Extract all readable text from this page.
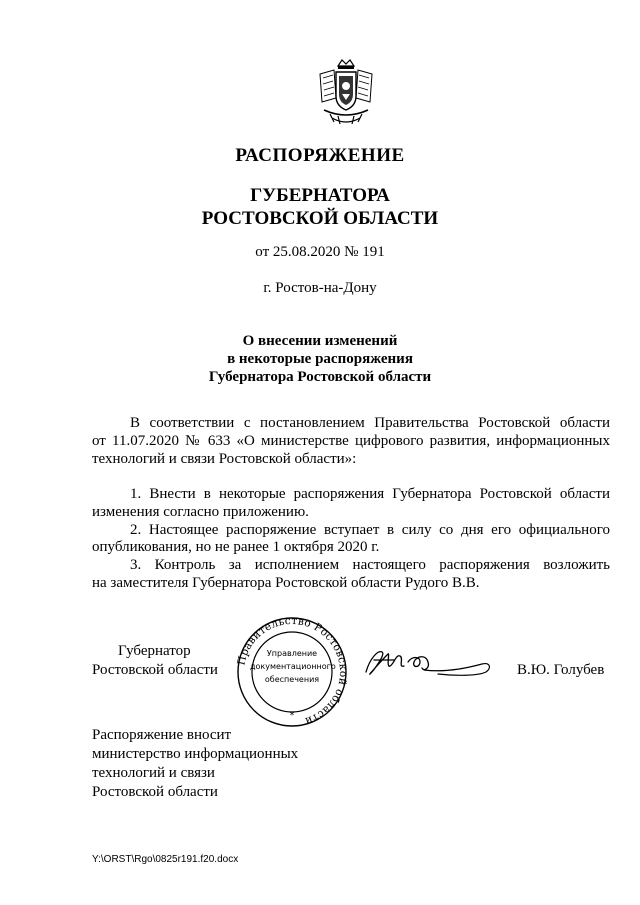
РАСПОРЯЖЕНИЕ
ГУБЕРНАТОРА
РОСТОВСКОЙ ОБЛАСТИ
от 25.08.2020 № 191
г. Ростов-на-Дону
О внесении изменений
в некоторые распоряжения
Губернатора Ростовской области
В соответствии с постановлением Правительства Ростовской области
от 11.07.2020 № 633 «О министерстве цифрового развития, информационных
технологий и связи Ростовской области»:
1. Внести в некоторые распоряжения Губернатора Ростовской области
изменения согласно приложению.
2. Настоящее распоряжение вступает в силу со дня его официального
опубликования, но не ранее 1 октября 2020 г.
3. Контроль за исполнением настоящего распоряжения возложить
на заместителя Губернатора Ростовской области Рудого В.В.
Губернатор
Ростовской области	В.Ю. Голубев
Правительство Ростовской области
*
Управление
документационного
обеспечения
Распоряжение вносит
министерство информационных
технологий и связи
Ростовской области
Y:\ORST\Rgo\0825r191.f20.docx
